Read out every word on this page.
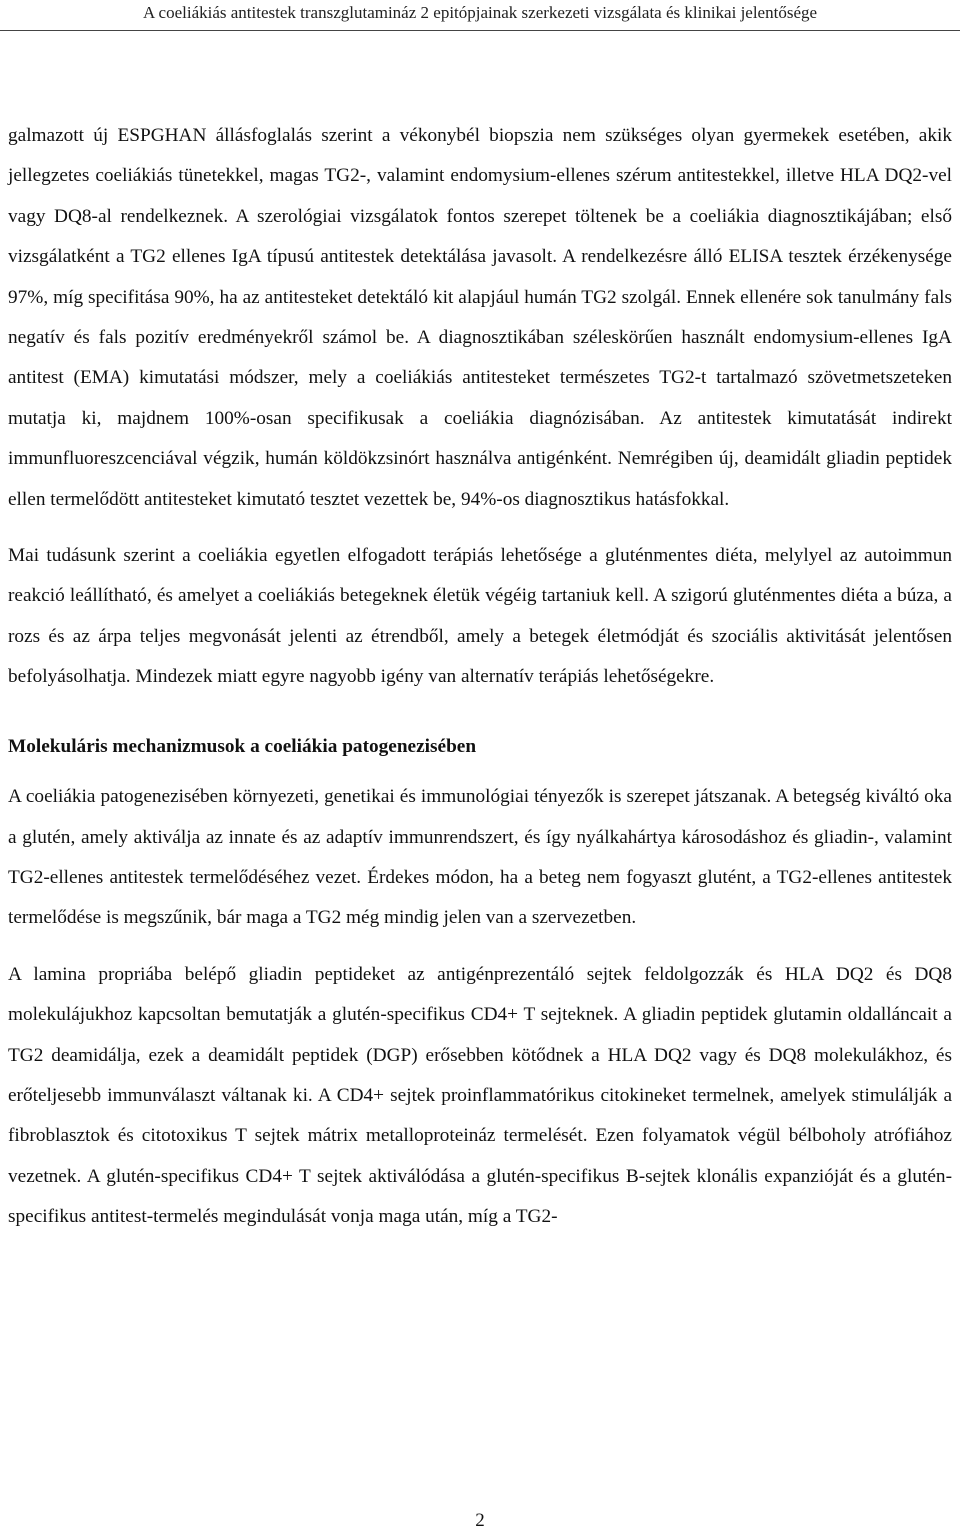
A coeliákiás antitestek transzglutamináz 2 epitópjainak szerkezeti vizsgálata és klinikai jelentősége

galmazott új ESPGHAN állásfoglalás szerint a vékonybél biopszia nem szükséges olyan gyermekek esetében, akik jellegzetes coeliákiás tünetekkel, magas TG2-, valamint endomysium-ellenes szérum antitestekkel, illetve HLA DQ2-vel vagy DQ8-al rendelkeznek. A szerológiai vizsgálatok fontos szerepet töltenek be a coeliákia diagnosztikájában; első vizsgálatként a TG2 ellenes IgA típusú antitestek detektálása javasolt. A rendelkezésre álló ELISA tesztek érzékenysége 97%, míg specifitása 90%, ha az antitesteket detektáló kit alapjául humán TG2 szolgál. Ennek ellenére sok tanulmány fals negatív és fals pozitív eredményekről számol be. A diagnosztikában széleskörűen használt endomysium-ellenes IgA antitest (EMA) kimutatási módszer, mely a coeliákiás antitesteket természetes TG2-t tartalmazó szövetmetszeteken mutatja ki, majdnem 100%-osan specifikusak a coeliákia diagnózisában. Az antitestek kimutatását indirekt immunfluoreszcenciával végzik, humán köldökzsinórt használva antigénként. Nemrégiben új, deamidált gliadin peptidek ellen termelődött antitesteket kimutató tesztet vezettek be, 94%-os diagnosztikus hatásfokkal.

Mai tudásunk szerint a coeliákia egyetlen elfogadott terápiás lehetősége a gluténmentes diéta, melylyel az autoimmun reakció leállítható, és amelyet a coeliákiás betegeknek életük végéig tartaniuk kell. A szigorú gluténmentes diéta a búza, a rozs és az árpa teljes megvonását jelenti az étrendből, amely a betegek életmódját és szociális aktivitását jelentősen befolyásolhatja. Mindezek miatt egyre nagyobb igény van alternatív terápiás lehetőségekre.

Molekuláris mechanizmusok a coeliákia patogenezisében

A coeliákia patogenezisében környezeti, genetikai és immunológiai tényezők is szerepet játszanak. A betegség kiváltó oka a glutén, amely aktiválja az innate és az adaptív immunrendszert, és így nyálkahártya károsodáshoz és gliadin-, valamint TG2-ellenes antitestek termelődéséhez vezet. Érdekes módon, ha a beteg nem fogyaszt glutént, a TG2-ellenes antitestek termelődése is megszűnik, bár maga a TG2 még mindig jelen van a szervezetben.

A lamina propriába belépő gliadin peptideket az antigénprezentáló sejtek feldolgozzák és HLA DQ2 és DQ8 molekulájukhoz kapcsoltan bemutatják a glutén-specifikus CD4+ T sejteknek. A gliadin peptidek glutamin oldalláncait a TG2 deamidálja, ezek a deamidált peptidek (DGP) erősebben kötődnek a HLA DQ2 vagy és DQ8 molekulákhoz, és erőteljesebb immunválaszt váltanak ki. A CD4+ sejtek proinflammatórikus citokineket termelnek, amelyek stimulálják a fibroblasztok és citotoxikus T sejtek mátrix metalloproteináz termelését. Ezen folyamatok végül bélboholy atrófiához vezetnek. A glutén-specifikus CD4+ T sejtek aktiválódása a glutén-specifikus B-sejtek klonális expanzióját és a glutén-specifikus antitest-termelés megindulását vonja maga után, míg a TG2-

2
